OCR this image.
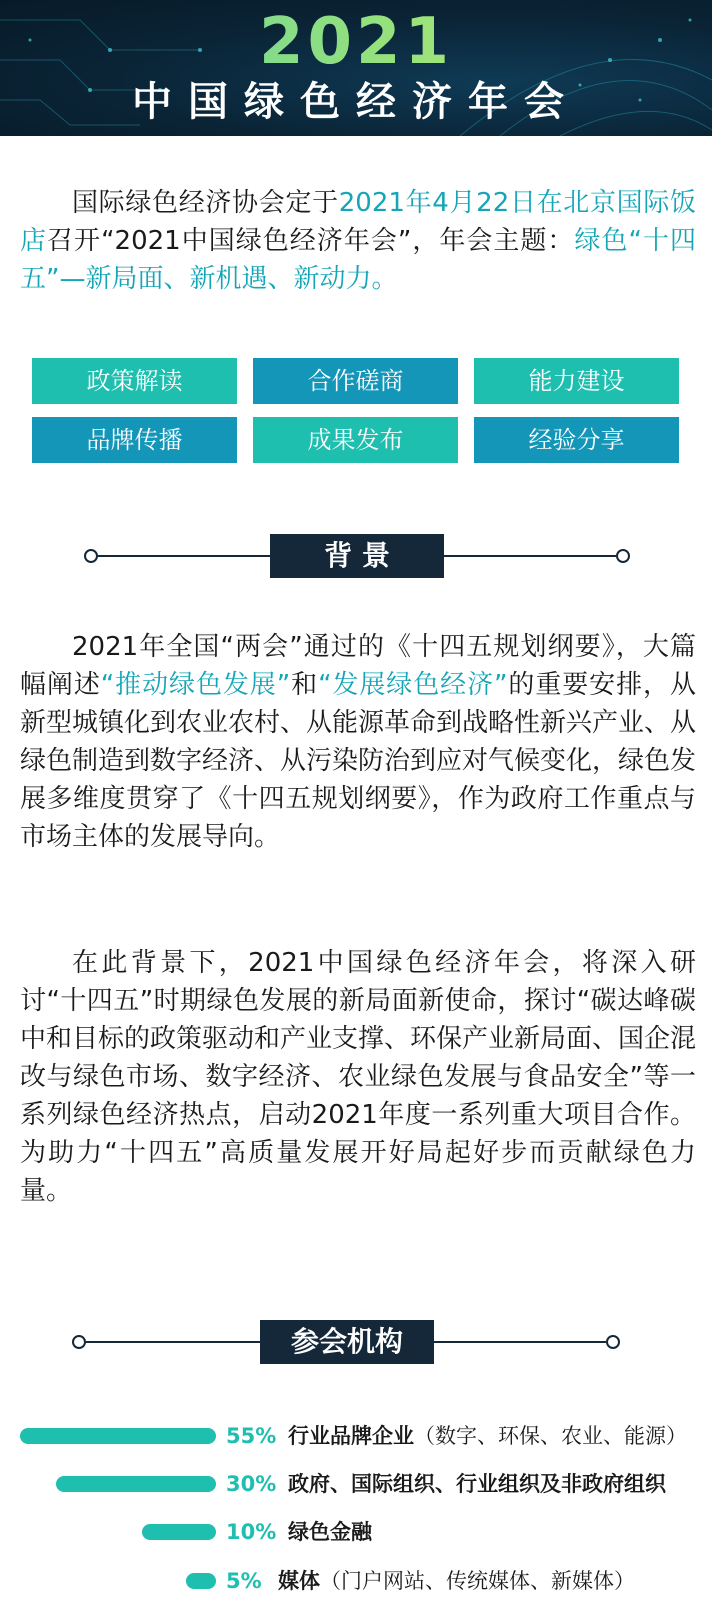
2021
中国绿色经济年会
国际绿色经济协会定于2021年4月22日在北京国际饭店召开“2021中国绿色经济年会”，年会主题：绿色“十四五”—新局面、新机遇、新动力。
政策解读	合作磋商	能力建设
品牌传播	成果发布	经验分享
背 景
2021年全国“两会”通过的《十四五规划纲要》，大篇幅阐述“推动绿色发展”和“发展绿色经济”的重要安排，从新型城镇化到农业农村、从能源革命到战略性新兴产业、从绿色制造到数字经济、从污染防治到应对气候变化，绿色发展多维度贯穿了《十四五规划纲要》，作为政府工作重点与市场主体的发展导向。
在此背景下，2021中国绿色经济年会，将深入研讨“十四五”时期绿色发展的新局面新使命，探讨“碳达峰碳中和目标的政策驱动和产业支撑、环保产业新局面、国企混改与绿色市场、数字经济、农业绿色发展与食品安全”等一系列绿色经济热点，启动2021年度一系列重大项目合作。为助力“十四五”高质量发展开好局起好步而贡献绿色力量。
参会机构
55% 行业品牌企业（数字、环保、农业、能源）
30% 政府、国际组织、行业组织及非政府组织
10% 绿色金融
5% 媒体（门户网站、传统媒体、新媒体）
